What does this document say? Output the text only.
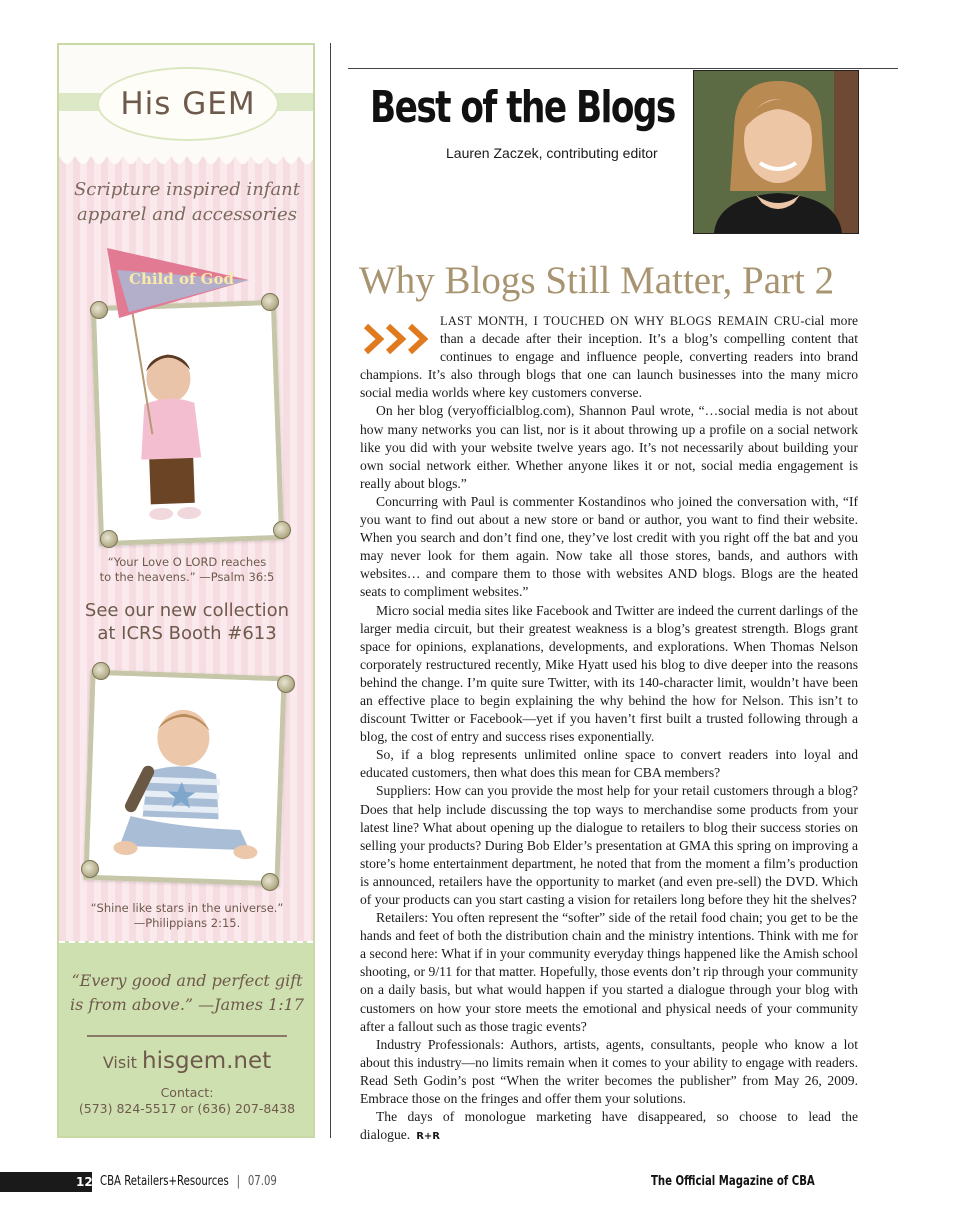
His GEM
Scripture inspired infant apparel and accessories
Child of God
“Your Love O LORD reaches
to the heavens.” —Psalm 36:5
See our new collection
at ICRS Booth #613
“Shine like stars in the universe.”
—Philippians 2:15.
“Every good and perfect gift
is from above.” —James 1:17
Visit hisgem.net
Contact:
(573) 824-5517 or (636) 207-8438
Best of the Blogs
Lauren Zaczek, contributing editor
Why Blogs Still Matter, Part 2

LAST MONTH, I TOUCHED ON WHY BLOGS REMAIN CRU-cial more than a decade after their inception. It’s a blog’s compelling content that continues to engage and influence people, converting readers into brand champions. It’s also through blogs that one can launch businesses into the many micro social media worlds where key customers converse.

On her blog (veryofficialblog.com), Shannon Paul wrote, “…social media is not about how many networks you can list, nor is it about throwing up a profile on a social network like you did with your website twelve years ago. It’s not necessarily about building your own social network either. Whether anyone likes it or not, social media engagement is really about blogs.”

Concurring with Paul is commenter Kostandinos who joined the conversation with, “If you want to find out about a new store or band or author, you want to find their website. When you search and don’t find one, they’ve lost credit with you right off the bat and you may never look for them again. Now take all those stores, bands, and authors with websites… and compare them to those with websites AND blogs. Blogs are the heated seats to compliment websites.”

Micro social media sites like Facebook and Twitter are indeed the current darlings of the larger media circuit, but their greatest weakness is a blog’s greatest strength. Blogs grant space for opinions, explanations, developments, and explorations. When Thomas Nelson corporately restructured recently, Mike Hyatt used his blog to dive deeper into the reasons behind the change. I’m quite sure Twitter, with its 140-character limit, wouldn’t have been an effective place to begin explaining the why behind the how for Nelson. This isn’t to discount Twitter or Facebook—yet if you haven’t first built a trusted following through a blog, the cost of entry and success rises exponentially.

So, if a blog represents unlimited online space to convert readers into loyal and educated customers, then what does this mean for CBA members?

Suppliers: How can you provide the most help for your retail customers through a blog? Does that help include discussing the top ways to merchandise some products from your latest line? What about opening up the dialogue to retailers to blog their success stories on selling your products? During Bob Elder’s presentation at GMA this spring on improving a store’s home entertainment department, he noted that from the moment a film’s production is announced, retailers have the opportunity to market (and even pre-sell) the DVD. Which of your products can you start casting a vision for retailers long before they hit the shelves?

Retailers: You often represent the “softer” side of the retail food chain; you get to be the hands and feet of both the distribution chain and the ministry intentions. Think with me for a second here: What if in your community everyday things happened like the Amish school shooting, or 9/11 for that matter. Hopefully, those events don’t rip through your community on a daily basis, but what would happen if you started a dialogue through your blog with customers on how your store meets the emotional and physical needs of your community after a fallout such as those tragic events?

Industry Professionals: Authors, artists, agents, consultants, people who know a lot about this industry—no limits remain when it comes to your ability to engage with readers. Read Seth Godin’s post “When the writer becomes the publisher” from May 26, 2009. Embrace those on the fringes and offer them your solutions.

The days of monologue marketing have disappeared, so choose to lead the dialogue. R+R

12 CBA Retailers+Resources | 07.09	The Official Magazine of CBA
